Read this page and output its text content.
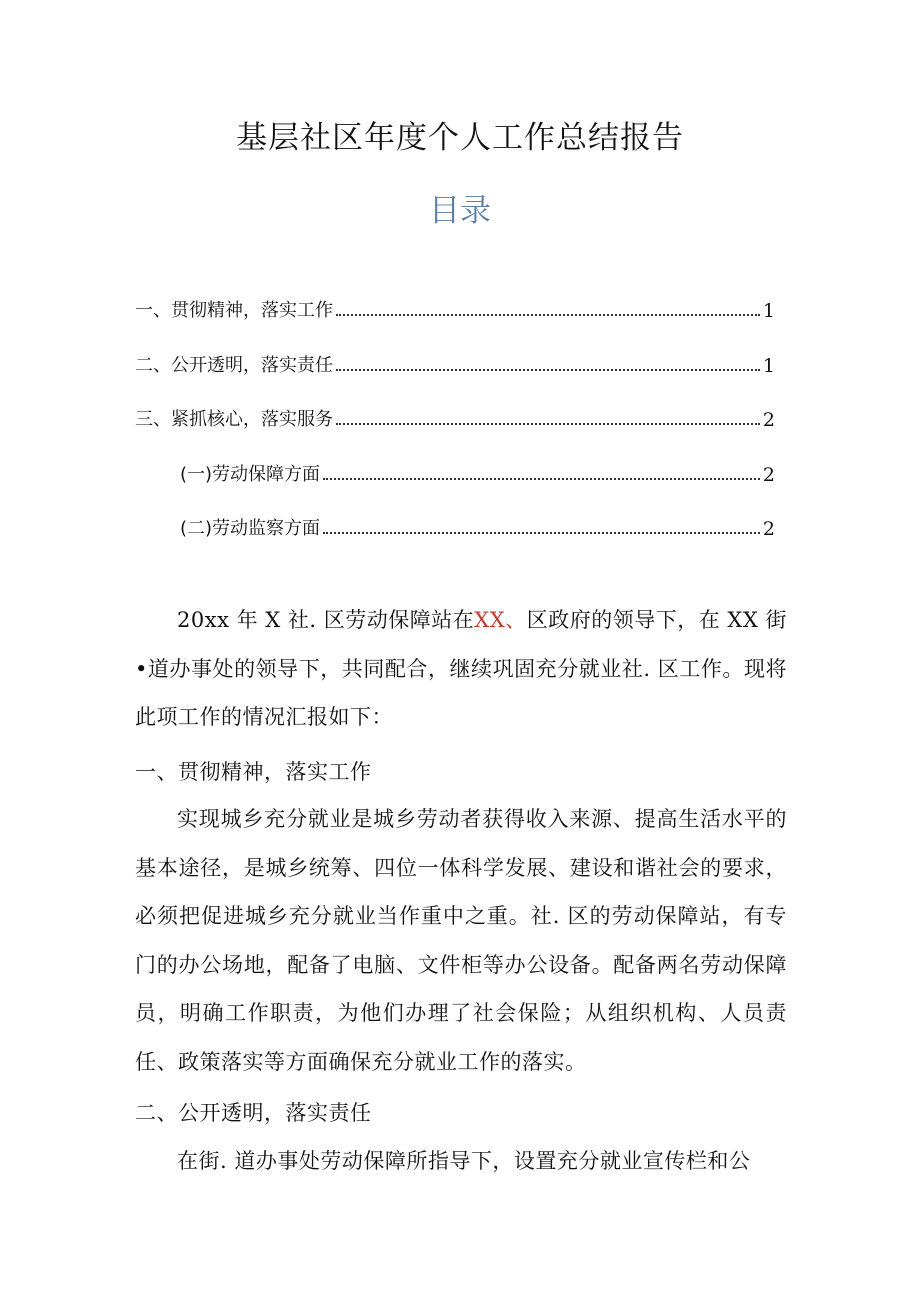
基层社区年度个人工作总结报告
目录
一、贯彻精神，落实工作	1
二、公开透明，落实责任	1
三、紧抓核心，落实服务	2
(一)劳动保障方面	2
(二)劳动监察方面	2
20xx 年 X 社. 区劳动保障站在XX、区政府的领导下，在 XX 街•道办事处的领导下，共同配合，继续巩固充分就业社. 区工作。现将此项工作的情况汇报如下：
一、贯彻精神，落实工作
实现城乡充分就业是城乡劳动者获得收入来源、提高生活水平的基本途径，是城乡统筹、四位一体科学发展、建设和谐社会的要求，必须把促进城乡充分就业当作重中之重。社. 区的劳动保障站，有专门的办公场地，配备了电脑、文件柜等办公设备。配备两名劳动保障员，明确工作职责，为他们办理了社会保险；从组织机构、人员责任、政策落实等方面确保充分就业工作的落实。
二、公开透明，落实责任
在街. 道办事处劳动保障所指导下，设置充分就业宣传栏和公
